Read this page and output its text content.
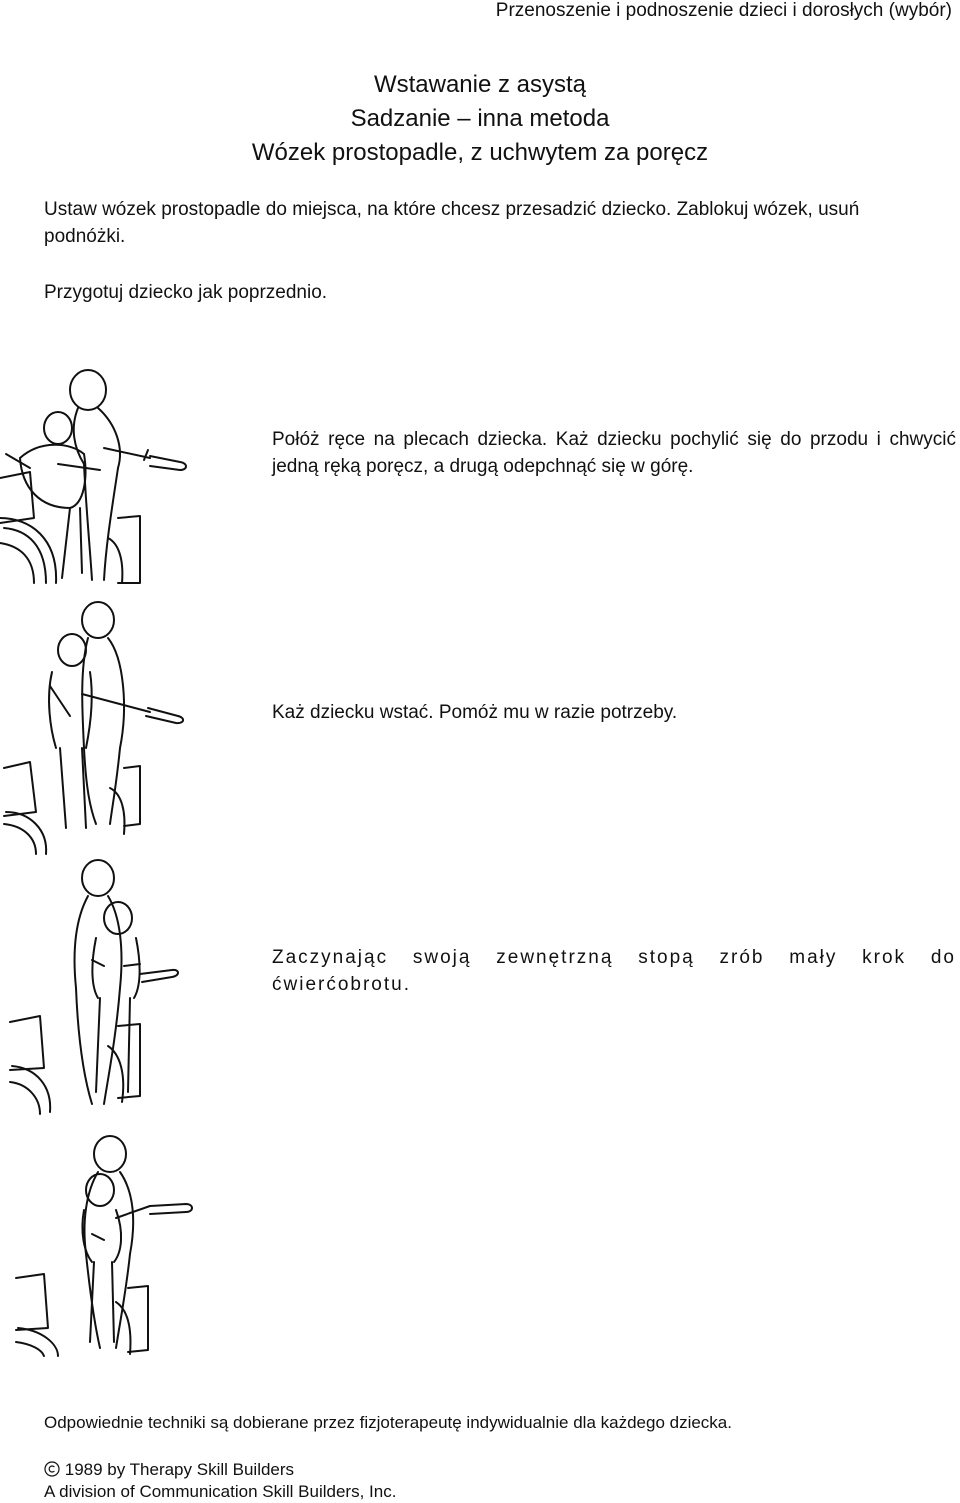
Przenoszenie i podnoszenie dzieci i dorosłych (wybór)
Wstawanie z asystą
Sadzanie – inna metoda
Wózek prostopadle, z uchwytem za poręcz
Ustaw wózek prostopadle do miejsca, na które chcesz przesadzić dziecko. Zablokuj wózek, usuń podnóżki.
Przygotuj dziecko jak poprzednio.
Połóż ręce na plecach dziecka. Każ dziecku pochylić się do przodu i chwycić jedną ręką poręcz, a drugą odepchnąć się w górę.
Każ dziecku wstać. Pomóż mu w razie potrzeby.
Zaczynając swoją zewnętrzną stopą zrób mały krok do ćwierćobrotu.
Odpowiednie techniki są dobierane przez fizjoterapeutę indywidualnie dla każdego dziecka.
1989 by Therapy Skill Builders
A division of Communication Skill Builders, Inc.
